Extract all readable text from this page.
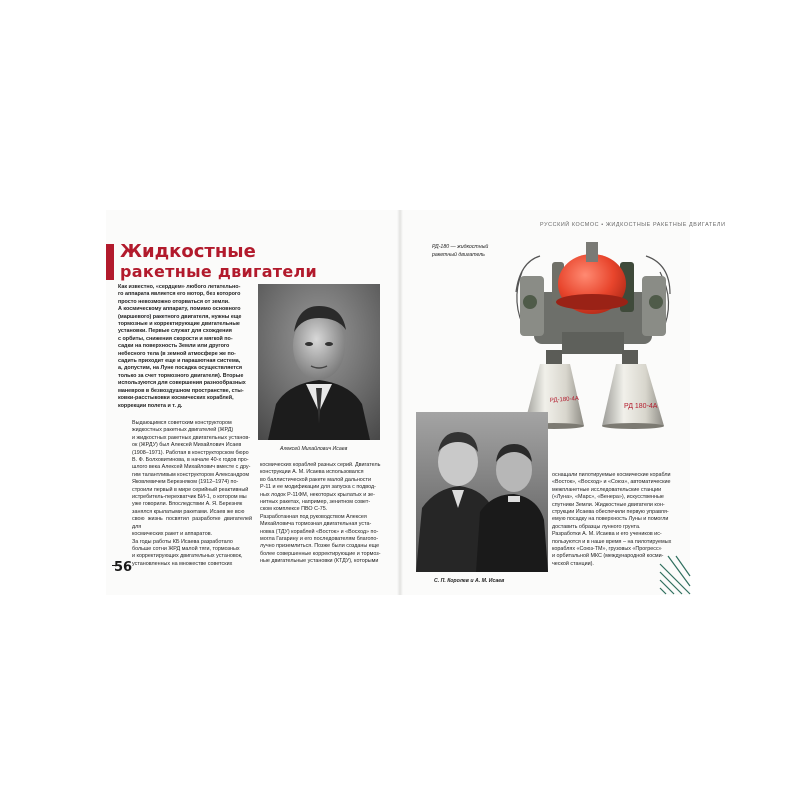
РУССКИЙ КОСМОС • ЖИДКОСТНЫЕ РАКЕТНЫЕ ДВИГАТЕЛИ
Жидкостные
ракетные двигатели
Как известно, «сердцем» любого летательно-
го аппарата является его мотор, без которого
просто невозможно оторваться от земли.
А космическому аппарату, помимо основного
(маршевого) ракетного двигателя, нужны еще
тормозные и корректирующие двигательные
установки. Первые служат для схождения
с орбиты, снижения скорости и мягкой по-
садки на поверхность Земли или другого
небесного тела (в земной атмосфере же по-
садить приходит еще и парашютная система,
а, допустим, на Луне посадка осуществляется
только за счет тормозного двигателя). Вторые
используются для совершения разнообразных
маневров в безвоздушном пространстве, сты-
ковки-расстыковки космических кораблей,
коррекции полета и т. д.
Алексей Михайлович Исаев
Выдающимся советским конструктором
жидкостных ракетных двигателей (ЖРД)
и жидкостных ракетных двигательных установ-
ок (ЖРДУ) был Алексей Михайлович Исаев
(1908–1971). Работая в конструкторском бюро
В. Ф. Болховитинова, в начале 40-х годов про-
шлого века Алексей Михайлович вместе с дру-
гим талантливым конструктором Александром
Яковлевичем Березняком (1912–1974) по-
строили первый в мире серийный реактивный
истребитель-перехватчик БИ-1, о котором мы
уже говорили. Впоследствии А. Я. Березняк
занялся крылатыми ракетами. Исаев же всю
свою жизнь посвятил разработке двигателей для
космических ракет и аппаратов.
За годы работы КБ Исаева разработало
больше сотни ЖРД малой тяги, тормозных
и корректирующих двигательных установок,
установленных на множестве советских
космических кораблей разных серий. Двигатель
конструкции А. М. Исаева использовался
во баллистической ракете малой дальности
Р-11 и ее модификации для запуска с подвод-
ных лодок Р-11ФМ, некоторых крылатых и зе-
нитных ракетах, например, зенитном совет-
ском комплексе ПВО С-75.
Разработанная под руководством Алексея
Михайловича тормозная двигательная уста-
новка (ТДУ) кораблей «Восток» и «Восход» по-
могла Гагарину и его последователям благопо-
лучно приземлиться. Позже были созданы еще
более совершенные корректирующие и тормоз-
ные двигательные установки (КТДУ), которыми
56
РД-180 — жидкостный
ракетный двигатель
РД-180-4А
РД 180-4А
С. П. Королев и А. М. Исаев
оснащали пилотируемые космические корабли
«Восток», «Восход» и «Союз», автоматические
межпланетные исследовательские станции
(«Луна», «Марс», «Венера»), искусственные
спутники Земли. Жидкостные двигатели кон-
струкции Исаева обеспечили первую управля-
емую посадку на поверхность Луны и помогли
доставить образцы лунного грунта.
Разработки А. М. Исаева и его учеников ис-
пользуются и в наше время – на пилотируемых
кораблях «Союз-ТМ», грузовых «Прогресс»
и орбитальной МКС (международной косми-
ческой станции).
